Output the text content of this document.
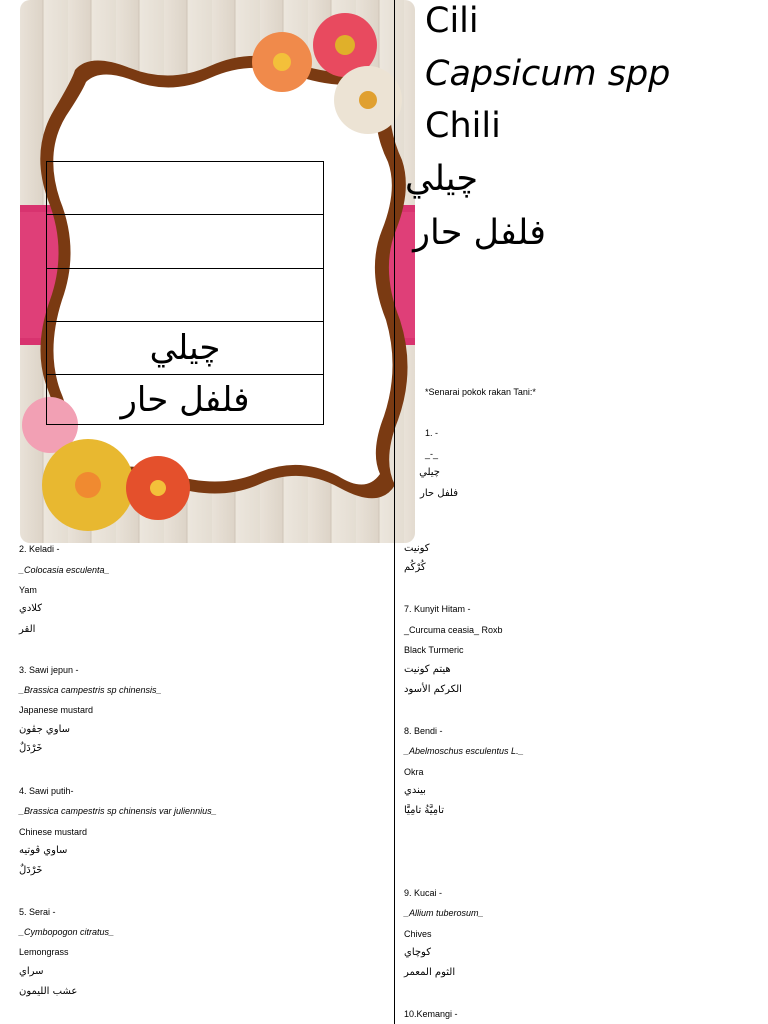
چيلي
فلفل حار
Cili
Capsicum spp
Chili
چيلي
فلفل حار
*Senarai pokok rakan Tani:*
1. -
_-_
چيلي
فلفل حار
2. Keladi -
_Colocasia esculenta_
Yam
كلادي
القر
3. Sawi jepun -
_Brassica campestris sp chinensis_
Japanese mustard
ساوي جڤون
خَرْدَلٌ
4. Sawi putih-
_Brassica campestris sp chinensis var juliennius_
Chinese mustard
ساوي ڤوتيه
خَرْدَلٌ
5. Serai -
_Cymbopogon citratus_
Lemongrass
سراي
عشب الليمون
كونيت
كُرْكُم
7. Kunyit Hitam -
_Curcuma ceasia_ Roxb
Black Turmeric
هيتم كونيت
الكركم الأسود
8. Bendi -
_Abelmoschus esculentus L._
Okra
بيندي
تامِيَّةُ تامِيَّا
9. Kucai -
_Allium tuberosum_
Chives
كوچاي
الثوم المعمر
10.Kemangi -
